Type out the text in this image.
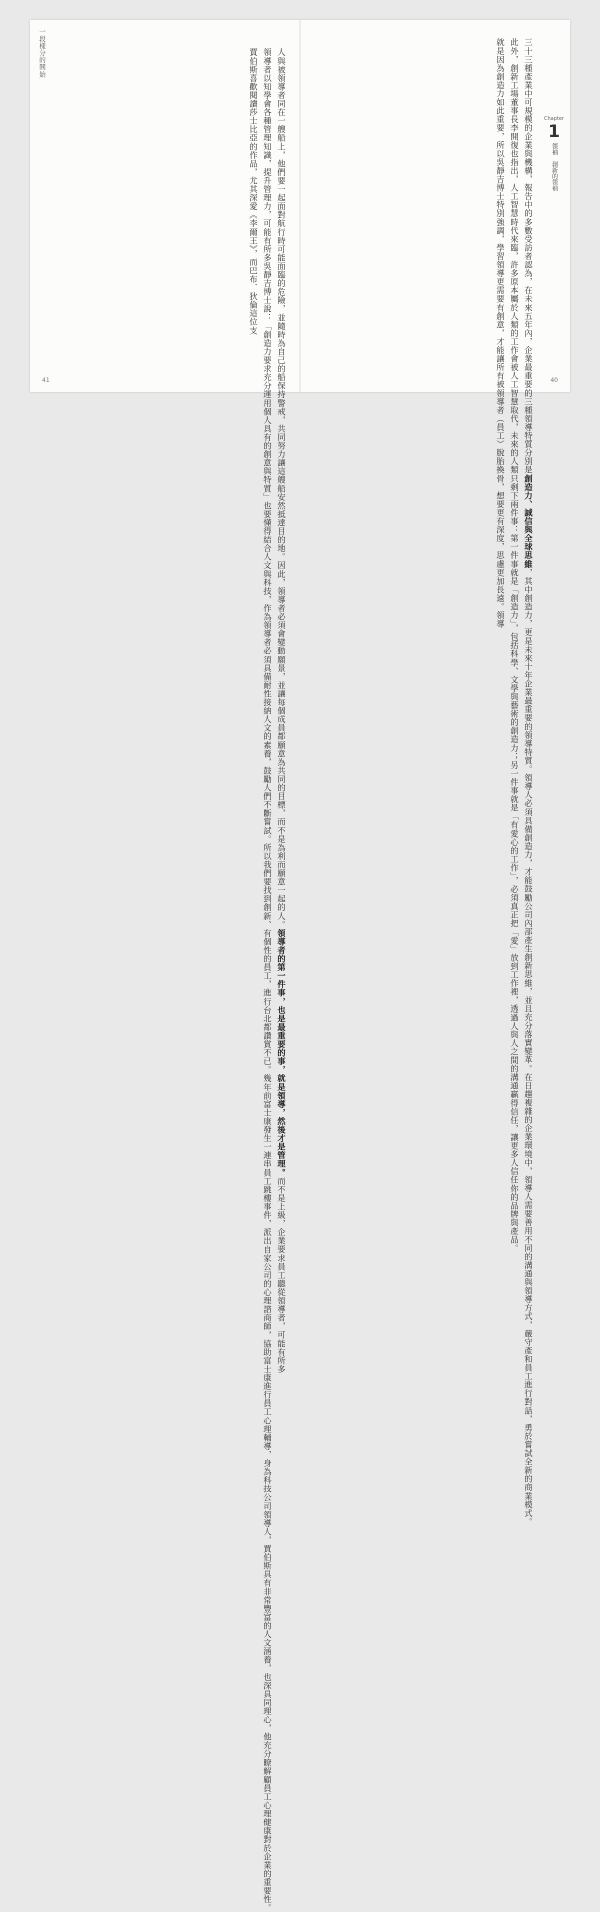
Chapter
1
領袖
創新的領袖
三十三種產業中可規模的企業與機構，報告中的多數受訪者認為，在未來五年內，企業最重要的三種領導特質分別是創造力、誠信與全球思維，其中創造力，更是未來十年企業最重要的領導特質。領導人必須具備創造力，才能鼓勵公司內部產生創新思維，並且充分落實變革。在日趨複雜的企業環境中，領導人需要善用不同的溝通與領導方式，嚴守產和員工進行對話，勇於嘗試全新的商業模式。
此外，創新工場董事長李開復也指出，人工智慧時代來臨，許多原本屬於人類的工作會被人工智慧取代，未來的人類只剩下兩件事：第一件事就是「創造力」，包括科學、文學與藝術的創造力；另一件事就是「有愛心的工作」，必須真正把「愛」放到工作裡，透過人與人之間的溝通贏得信任，讓更多人信任你的品牌與產品。
就是因為創造力如此重要，所以吳靜吉博士特別強調，學習領導更需要有創意，才能讓所有被領導者（員工）脫胎換骨，想要更有深度，思慮更加長遠。領導	40
一段樣分的開始	人與被領導者同在一艘船上，他們要一起面對航行時可能面臨的危險，並隨時為自己的船保持警戒，共同努力讓這艘船安然抵達目的地。因此，領導者必須會變動願景，並讓每個成員都願意為共同的目標，而不是為利而願意一起的人。領導者的第一件事，也是最重要的事，就是領導，然後才是管理。而不是上級，企業要求員工聽從領導者，可能有所多
領導者以知學會各種管理知識，提升管理力，可能有所多吳靜吉博士說：「創造力要求充分運用個人具有的創意與特質」也要懂得結合人文與科技，作為領導者必須具備耐性接納人文的素養，鼓勵人們不斷嘗試。所以我們要找到創新、有個性的員工，進行台北都讚賞不已。幾年前富士康發生一連串員工跳樓事件，派出自家公司的心理諮商師，協助富士康進行員工心理輔導，身為科技公司領導人，賈伯斯具有非常豐富的人文涵養，也深具同理心，他充分瞭解顧員工心理健康對於企業的重要性。
賈伯斯喜歡閱讀莎士比亞的作品，尤其深愛《李爾王》，而巴布．狄倫這位支
41
